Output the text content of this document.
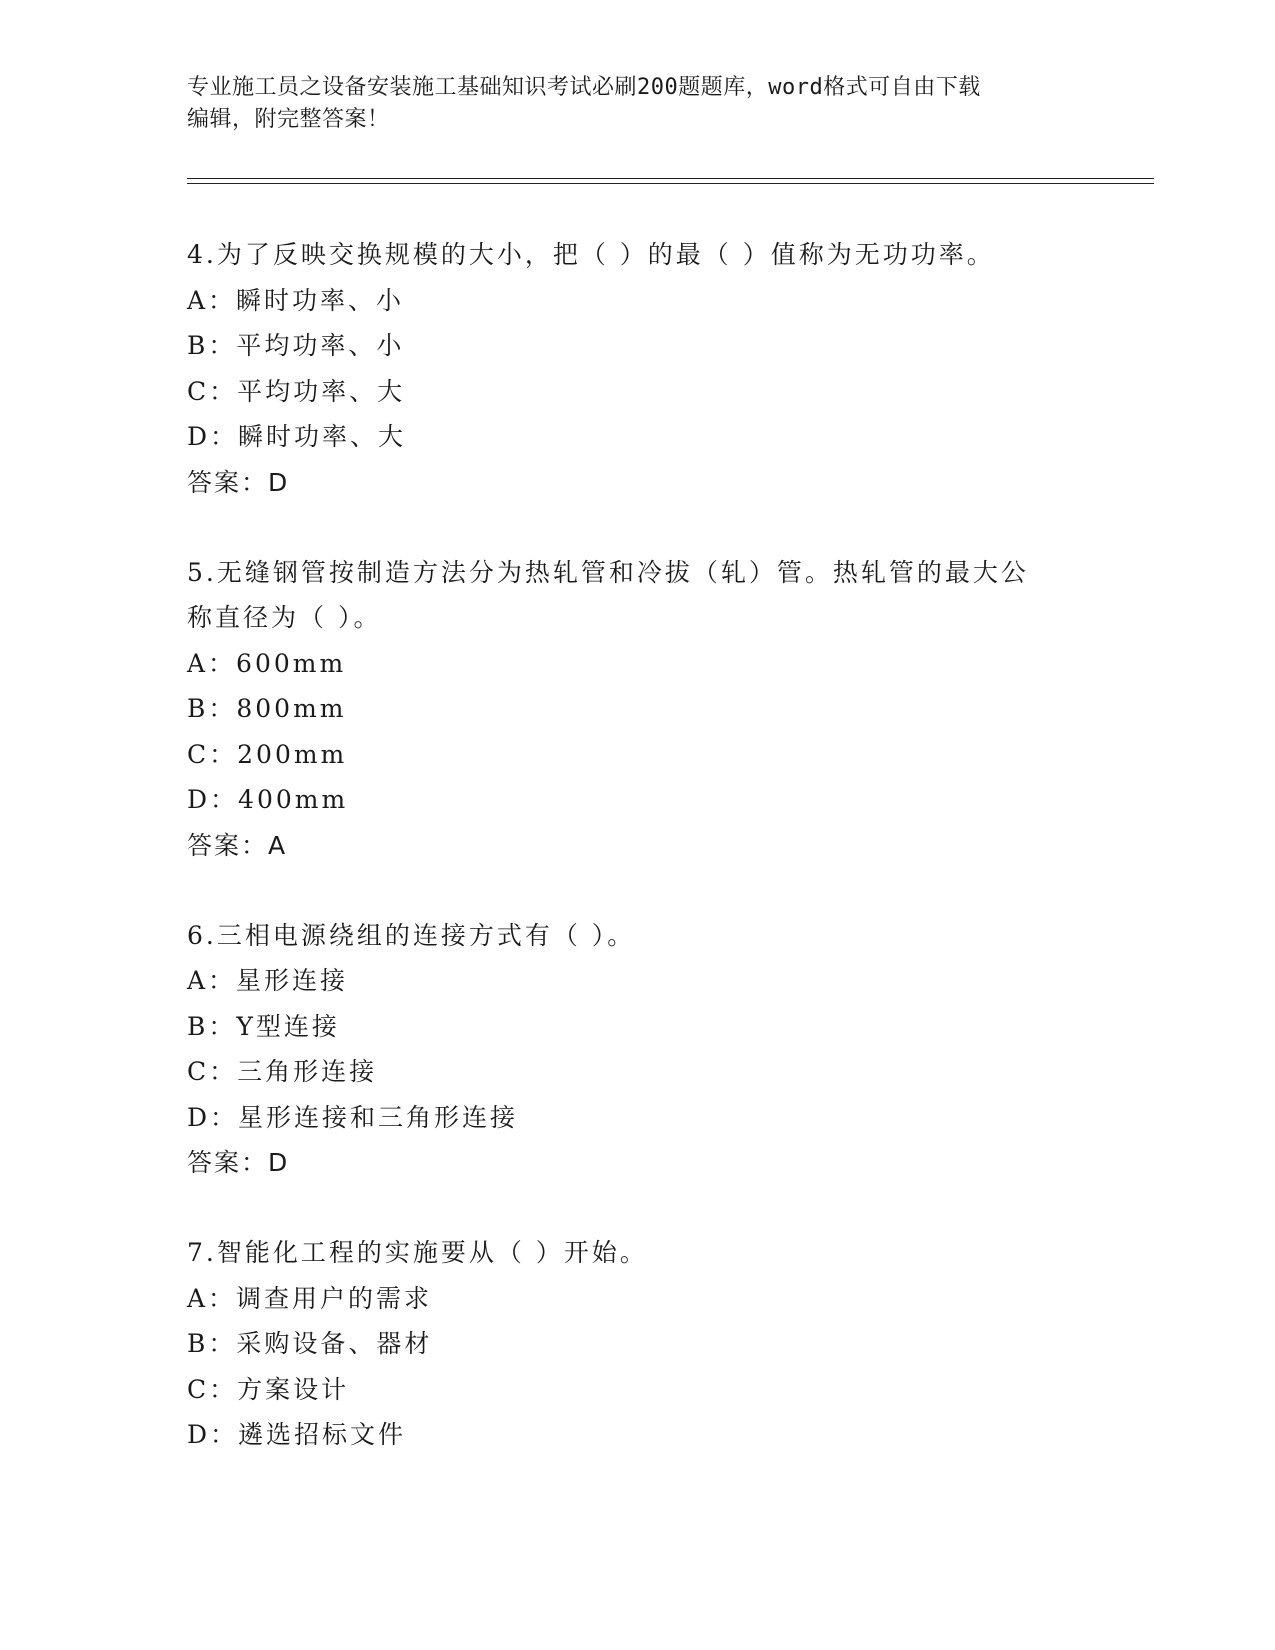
专业施工员之设备安装施工基础知识考试必刷200题题库，word格式可自由下载
编辑，附完整答案！

4.为了反映交换规模的大小，把（ ）的最（ ）值称为无功功率。

A：瞬时功率、小

B：平均功率、小

C：平均功率、大

D：瞬时功率、大

答案：D

5.无缝钢管按制造方法分为热轧管和冷拔（轧）管。热轧管的最大公

称直径为（ ）。

A：600mm

B：800mm

C：200mm

D：400mm

答案：A

6.三相电源绕组的连接方式有（ ）。

A：星形连接

B：Y型连接

C：三角形连接

D：星形连接和三角形连接

答案：D

7.智能化工程的实施要从（ ）开始。

A：调查用户的需求

B：采购设备、器材

C：方案设计

D：遴选招标文件
